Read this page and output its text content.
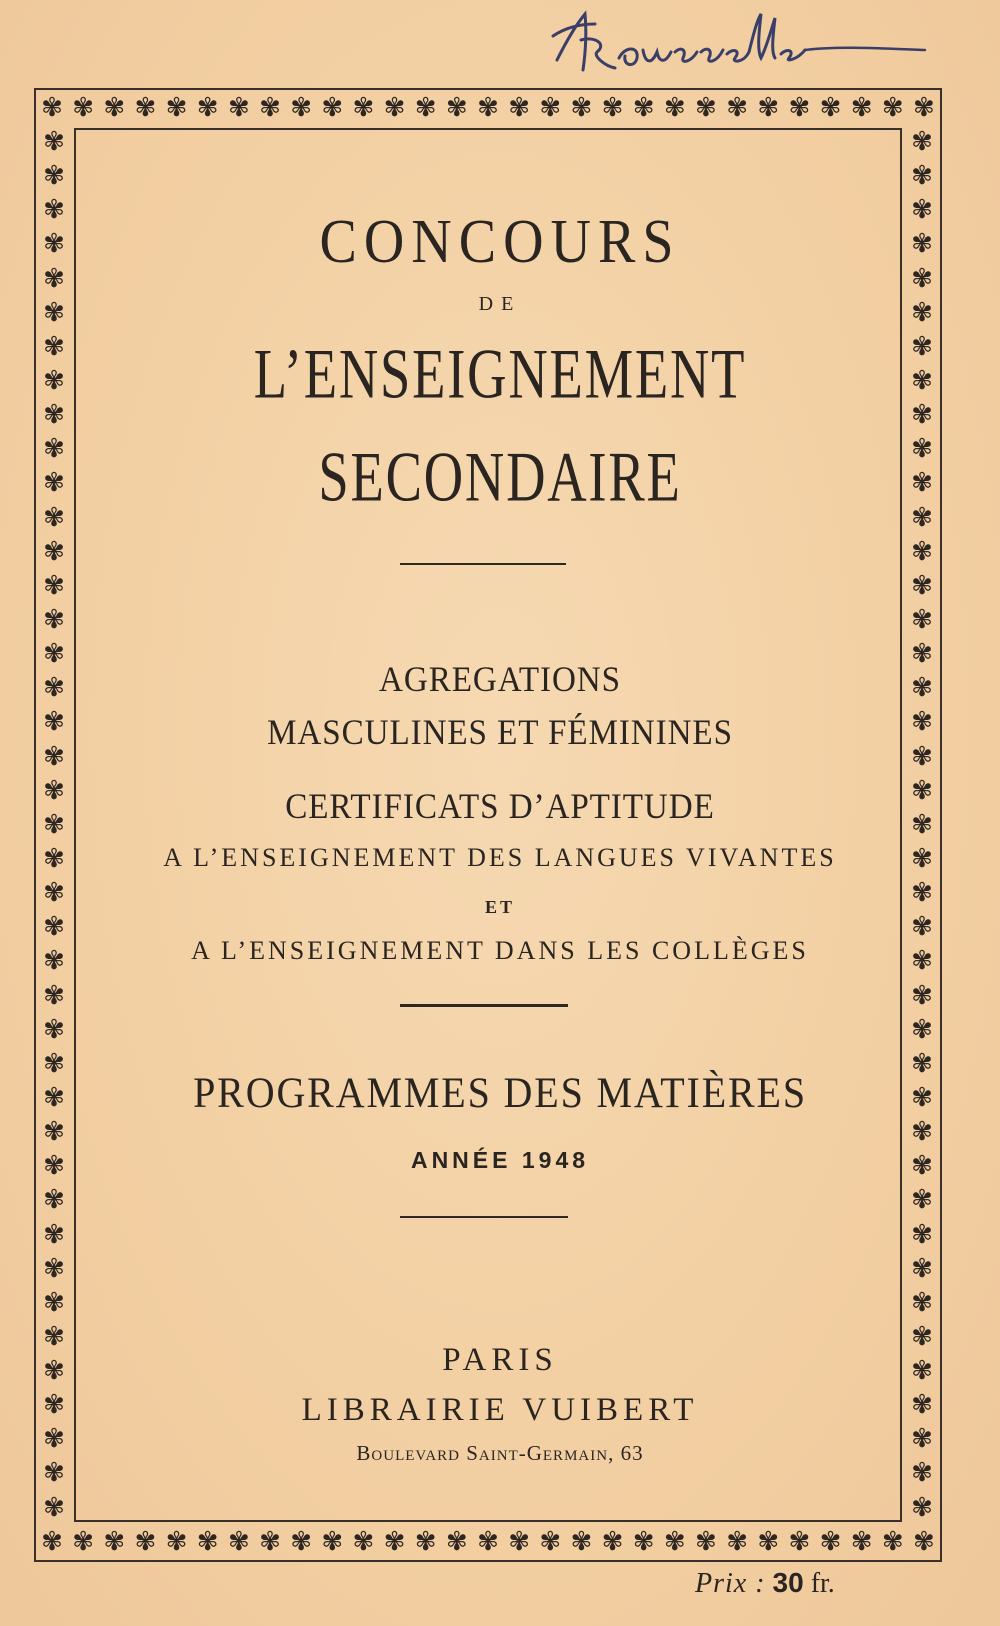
✾ ✾ ✾ ✾ ✾ ✾ ✾ ✾ ✾ ✾ ✾ ✾ ✾ ✾ ✾ ✾ ✾ ✾ ✾ ✾ ✾ ✾ ✾ ✾ ✾ ✾ ✾ ✾ ✾
✾ ✾ ✾ ✾ ✾ ✾ ✾ ✾ ✾ ✾ ✾ ✾ ✾ ✾ ✾ ✾ ✾ ✾ ✾ ✾ ✾ ✾ ✾ ✾ ✾ ✾ ✾ ✾ ✾
✾
✾
✾
✾
✾
✾
✾
✾
✾
✾
✾
✾
✾
✾
✾
✾
✾
✾
✾
✾
✾
✾
✾
✾
✾
✾
✾
✾
✾
✾
✾
✾
✾
✾
✾
✾
✾
✾
✾
✾
✾
✾
✾
✾
✾
✾
✾
✾
✾
✾
✾
✾
✾
✾
✾
✾
✾
✾
✾
✾
✾
✾
✾
✾
✾
✾
✾
✾
✾
✾
✾
✾
✾
✾
✾
✾
✾
✾
✾
✾
✾
✾

CONCOURS

DE

L’ENSEIGNEMENT

SECONDAIRE

AGREGATIONS

MASCULINES ET FÉMININES

CERTIFICATS D’APTITUDE

A L’ENSEIGNEMENT DES LANGUES VIVANTES

ET

A L’ENSEIGNEMENT DANS LES COLLÈGES

PROGRAMMES DES MATIÈRES

ANNÉE 1948

PARIS

LIBRAIRIE VUIBERT

Boulevard Saint-Germain, 63

Prix : 30 fr.
